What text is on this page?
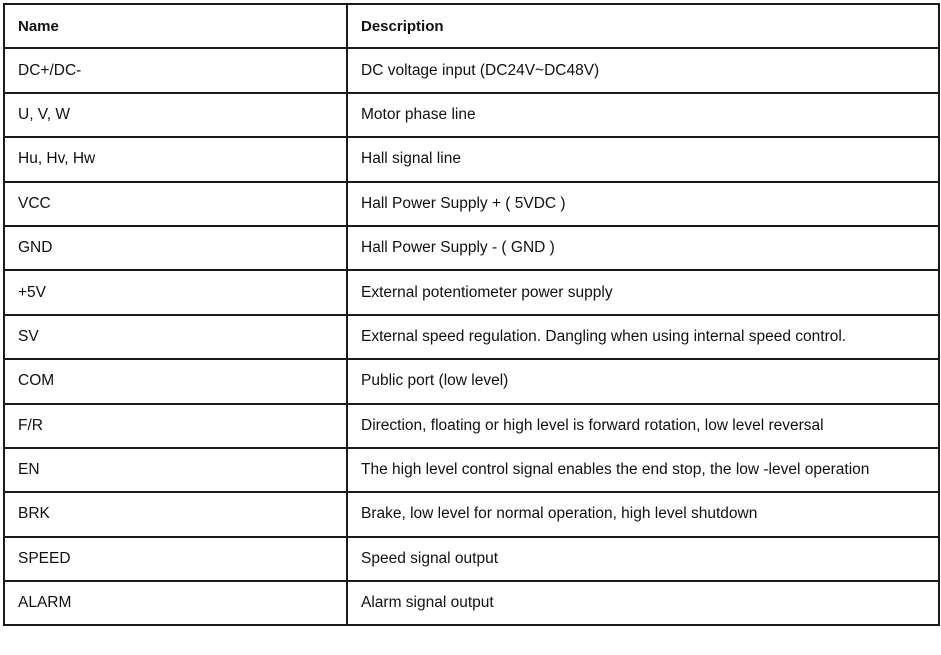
Name	Description
DC+/DC-	DC voltage input (DC24V~DC48V)
U, V, W	Motor phase line
Hu, Hv, Hw	Hall signal line
VCC	Hall Power Supply + ( 5VDC )
GND	Hall Power Supply - ( GND )
+5V	External potentiometer power supply
SV	External speed regulation. Dangling when using internal speed control.
COM	Public port (low level)
F/R	Direction, floating or high level is forward rotation, low level reversal
EN	The high level control signal enables the end stop, the low -level operation
BRK	Brake, low level for normal operation, high level shutdown
SPEED	Speed signal output
ALARM	Alarm signal output
